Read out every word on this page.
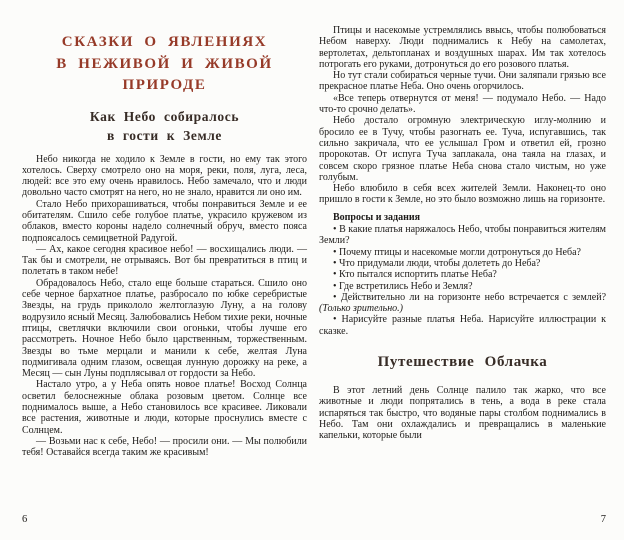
СКАЗКИ О ЯВЛЕНИЯХ
В НЕЖИВОЙ И ЖИВОЙ
ПРИРОДЕ
Как Небо собиралось
в гости к Земле

Небо никогда не ходило к Земле в гости, но ему так этого хотелось. Сверху смотрело оно на моря, реки, поля, луга, леса, людей: все это ему очень нравилось. Небо замечало, что и люди довольно часто смотрят на него, но не знало, нравится ли оно им.

Стало Небо прихорашиваться, чтобы понравиться Земле и ее обитателям. Сшило себе голубое платье, украсило кружевом из облаков, вместо короны надело солнечный обруч, вместо пояса подпоясалось семицветной Радугой.

— Ах, какое сегодня красивое небо! — восхищались люди. — Так бы и смотрели, не отрываясь. Вот бы превратиться в птиц и полетать в таком небе!

Обрадовалось Небо, стало еще больше стараться. Сшило оно себе черное бархатное платье, разбросало по юбке серебристые Звезды, на грудь прикололо желтоглазую Луну, а на голову водрузило ясный Месяц. Залюбовались Небом тихие реки, ночные птицы, светлячки включили свои огоньки, чтобы лучше его рассмотреть. Ночное Небо было царственным, торжественным. Звезды во тьме мерцали и манили к себе, желтая Луна подмигивала одним глазом, освещая лунную дорожку на реке, а Месяц — сын Луны подплясывал от гордости за Небо.

Настало утро, а у Неба опять новое платье! Восход Солнца осветил белоснежные облака розовым цветом. Солнце все поднималось выше, а Небо становилось все красивее. Ликовали все растения, животные и люди, которые проснулись вместе с Солнцем.

— Возьми нас к себе, Небо! — просили они. — Мы полюбили тебя! Оставайся всегда таким же красивым!

6

Птицы и насекомые устремлялись ввысь, чтобы полюбоваться Небом наверху. Люди поднимались к Небу на самолетах, вертолетах, дельтопланах и воздушных шарах. Им так хотелось потрогать его руками, дотронуться до его розового платья.

Но тут стали собираться черные тучи. Они заляпали грязью все прекрасное платье Неба. Оно очень огорчилось.

«Все теперь отвернутся от меня! — подумало Небо. — Надо что-то срочно делать».

Небо достало огромную электрическую иглу-молнию и бросило ее в Тучу, чтобы разогнать ее. Туча, испугавшись, так сильно закричала, что ее услышал Гром и ответил ей, грозно пророкотав. От испуга Туча заплакала, она таяла на глазах, и совсем скоро грязное платье Неба снова стало чистым, но уже голубым.

Небо влюбило в себя всех жителей Земли. Наконец-то оно пришло в гости к Земле, но это было возможно лишь на горизонте.

Вопросы и задания

• В какие платья наряжалось Небо, чтобы понравиться жителям Земли?

• Почему птицы и насекомые могли дотронуться до Неба?

• Что придумали люди, чтобы долететь до Неба?

• Кто пытался испортить платье Неба?

• Где встретились Небо и Земля?

• Действительно ли на горизонте небо встречается с землей? (Только зрительно.)

• Нарисуйте разные платья Неба. Нарисуйте иллюстрации к сказке.

Путешествие Облачка

В этот летний день Солнце палило так жарко, что все животные и люди попрятались в тень, а вода в реке стала испаряться так быстро, что водяные пары столбом поднимались в Небо. Там они охлаждались и превращались в маленькие капельки, которые были

7
